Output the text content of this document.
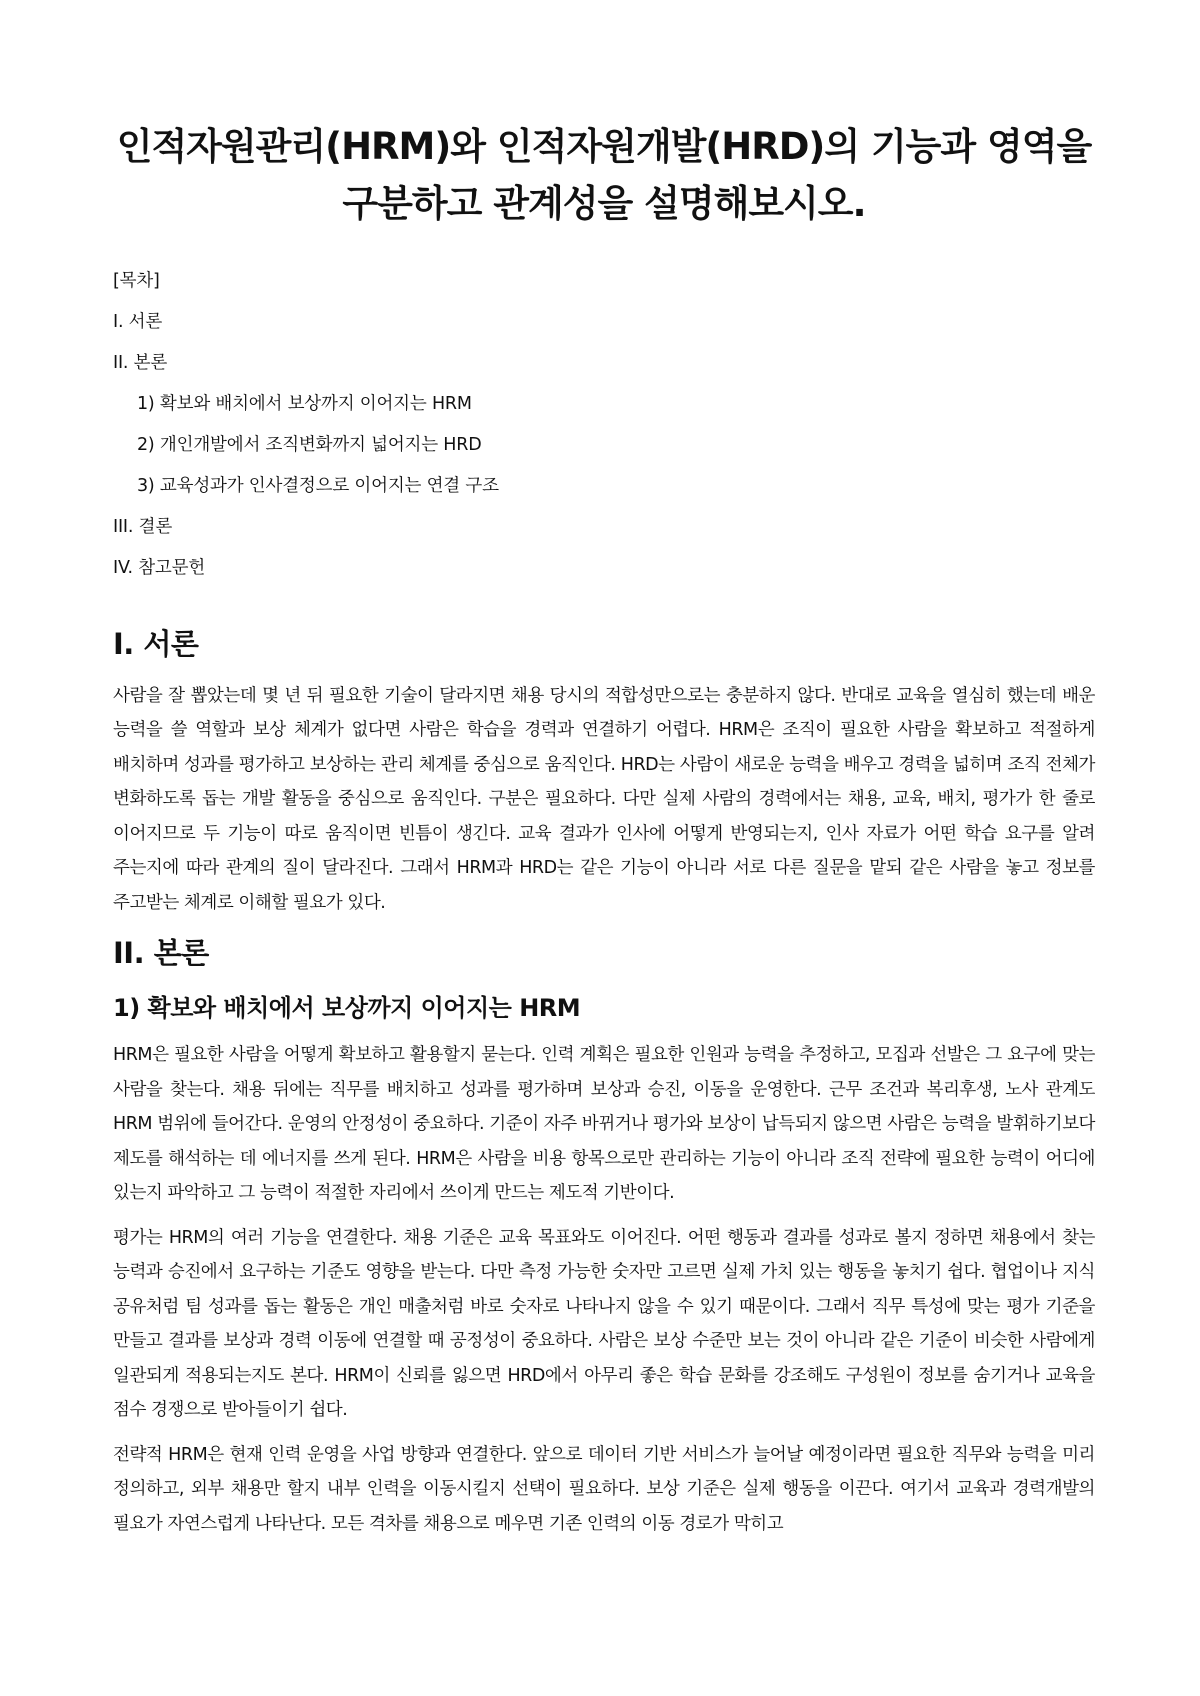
인적자원관리(HRM)와 인적자원개발(HRD)의 기능과 영역을
구분하고 관계성을 설명해보시오.
[목차]
I. 서론
II. 본론
1) 확보와 배치에서 보상까지 이어지는 HRM
2) 개인개발에서 조직변화까지 넓어지는 HRD
3) 교육성과가 인사결정으로 이어지는 연결 구조
III. 결론
IV. 참고문헌
I. 서론

사람을 잘 뽑았는데 몇 년 뒤 필요한 기술이 달라지면 채용 당시의 적합성만으로는 충분하지 않다. 반대로 교육을 열심히 했는데 배운 능력을 쓸 역할과 보상 체계가 없다면 사람은 학습을 경력과 연결하기 어렵다. HRM은 조직이 필요한 사람을 확보하고 적절하게 배치하며 성과를 평가하고 보상하는 관리 체계를 중심으로 움직인다. HRD는 사람이 새로운 능력을 배우고 경력을 넓히며 조직 전체가 변화하도록 돕는 개발 활동을 중심으로 움직인다. 구분은 필요하다. 다만 실제 사람의 경력에서는 채용, 교육, 배치, 평가가 한 줄로 이어지므로 두 기능이 따로 움직이면 빈틈이 생긴다. 교육 결과가 인사에 어떻게 반영되는지, 인사 자료가 어떤 학습 요구를 알려 주는지에 따라 관계의 질이 달라진다. 그래서 HRM과 HRD는 같은 기능이 아니라 서로 다른 질문을 맡되 같은 사람을 놓고 정보를 주고받는 체계로 이해할 필요가 있다.

II. 본론
1) 확보와 배치에서 보상까지 이어지는 HRM

HRM은 필요한 사람을 어떻게 확보하고 활용할지 묻는다. 인력 계획은 필요한 인원과 능력을 추정하고, 모집과 선발은 그 요구에 맞는 사람을 찾는다. 채용 뒤에는 직무를 배치하고 성과를 평가하며 보상과 승진, 이동을 운영한다. 근무 조건과 복리후생, 노사 관계도 HRM 범위에 들어간다. 운영의 안정성이 중요하다. 기준이 자주 바뀌거나 평가와 보상이 납득되지 않으면 사람은 능력을 발휘하기보다 제도를 해석하는 데 에너지를 쓰게 된다. HRM은 사람을 비용 항목으로만 관리하는 기능이 아니라 조직 전략에 필요한 능력이 어디에 있는지 파악하고 그 능력이 적절한 자리에서 쓰이게 만드는 제도적 기반이다.

평가는 HRM의 여러 기능을 연결한다. 채용 기준은 교육 목표와도 이어진다. 어떤 행동과 결과를 성과로 볼지 정하면 채용에서 찾는 능력과 승진에서 요구하는 기준도 영향을 받는다. 다만 측정 가능한 숫자만 고르면 실제 가치 있는 행동을 놓치기 쉽다. 협업이나 지식 공유처럼 팀 성과를 돕는 활동은 개인 매출처럼 바로 숫자로 나타나지 않을 수 있기 때문이다. 그래서 직무 특성에 맞는 평가 기준을 만들고 결과를 보상과 경력 이동에 연결할 때 공정성이 중요하다. 사람은 보상 수준만 보는 것이 아니라 같은 기준이 비슷한 사람에게 일관되게 적용되는지도 본다. HRM이 신뢰를 잃으면 HRD에서 아무리 좋은 학습 문화를 강조해도 구성원이 정보를 숨기거나 교육을 점수 경쟁으로 받아들이기 쉽다.

전략적 HRM은 현재 인력 운영을 사업 방향과 연결한다. 앞으로 데이터 기반 서비스가 늘어날 예정이라면 필요한 직무와 능력을 미리 정의하고, 외부 채용만 할지 내부 인력을 이동시킬지 선택이 필요하다. 보상 기준은 실제 행동을 이끈다. 여기서 교육과 경력개발의 필요가 자연스럽게 나타난다. 모든 격차를 채용으로 메우면 기존 인력의 이동 경로가 막히고
